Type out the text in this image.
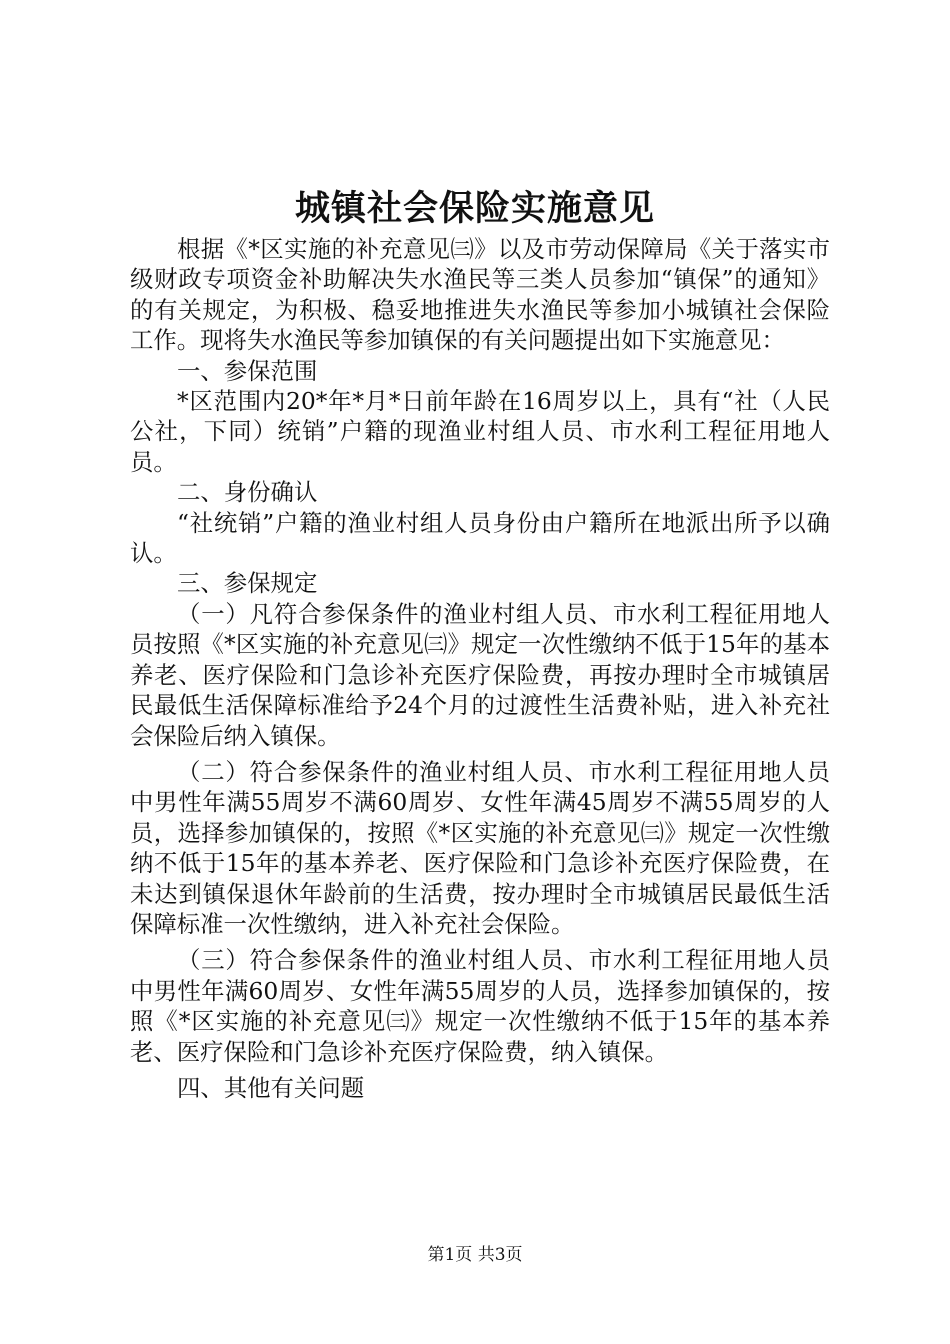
城镇社会保险实施意见

根据《*区实施的补充意见㈢》以及市劳动保障局《关于落实市级财政专项资金补助解决失水渔民等三类人员参加“镇保”的通知》的有关规定，为积极、稳妥地推进失水渔民等参加小城镇社会保险工作。现将失水渔民等参加镇保的有关问题提出如下实施意见：

一、参保范围

*区范围内20*年*月*日前年龄在16周岁以上，具有“社（人民公社，下同）统销”户籍的现渔业村组人员、市水利工程征用地人员。

二、身份确认

“社统销”户籍的渔业村组人员身份由户籍所在地派出所予以确认。

三、参保规定

（一）凡符合参保条件的渔业村组人员、市水利工程征用地人员按照《*区实施的补充意见㈢》规定一次性缴纳不低于15年的基本养老、医疗保险和门急诊补充医疗保险费，再按办理时全市城镇居民最低生活保障标准给予24个月的过渡性生活费补贴，进入补充社会保险后纳入镇保。

（二）符合参保条件的渔业村组人员、市水利工程征用地人员中男性年满55周岁不满60周岁、女性年满45周岁不满55周岁的人员，选择参加镇保的，按照《*区实施的补充意见㈢》规定一次性缴纳不低于15年的基本养老、医疗保险和门急诊补充医疗保险费，在未达到镇保退休年龄前的生活费，按办理时全市城镇居民最低生活保障标准一次性缴纳，进入补充社会保险。

（三）符合参保条件的渔业村组人员、市水利工程征用地人员中男性年满60周岁、女性年满55周岁的人员，选择参加镇保的，按照《*区实施的补充意见㈢》规定一次性缴纳不低于15年的基本养老、医疗保险和门急诊补充医疗保险费，纳入镇保。

四、其他有关问题

第1页 共3页
